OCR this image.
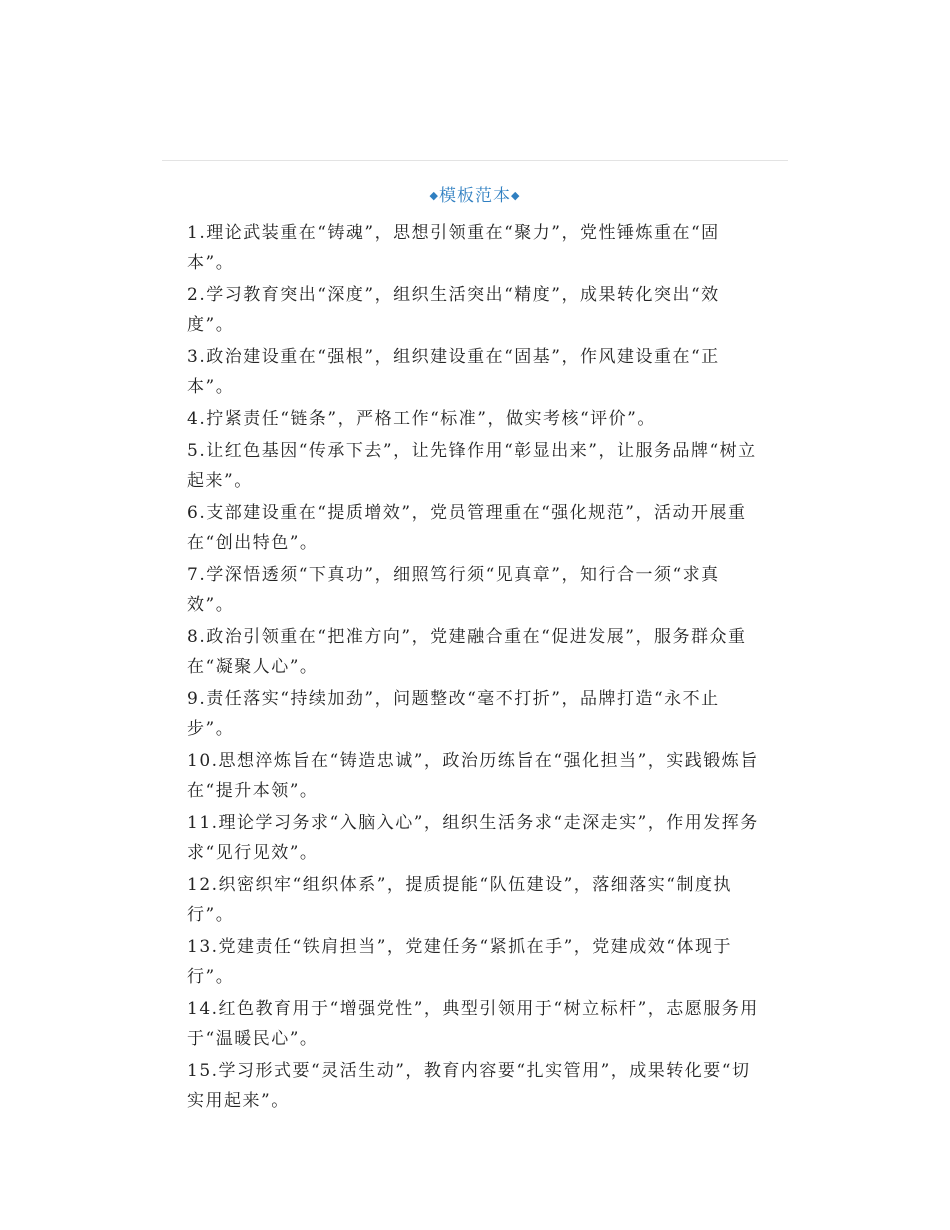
◆模板范本◆

1.理论武装重在“铸魂”，思想引领重在“聚力”，党性锤炼重在“固本”。

2.学习教育突出“深度”，组织生活突出“精度”，成果转化突出“效度”。

3.政治建设重在“强根”，组织建设重在“固基”，作风建设重在“正本”。

4.拧紧责任“链条”，严格工作“标准”，做实考核“评价”。

5.让红色基因“传承下去”，让先锋作用“彰显出来”，让服务品牌“树立起来”。

6.支部建设重在“提质增效”，党员管理重在“强化规范”，活动开展重在“创出特色”。

7.学深悟透须“下真功”，细照笃行须“见真章”，知行合一须“求真效”。

8.政治引领重在“把准方向”，党建融合重在“促进发展”，服务群众重在“凝聚人心”。

9.责任落实“持续加劲”，问题整改“毫不打折”，品牌打造“永不止步”。

10.思想淬炼旨在“铸造忠诚”，政治历练旨在“强化担当”，实践锻炼旨在“提升本领”。

11.理论学习务求“入脑入心”，组织生活务求“走深走实”，作用发挥务求“见行见效”。

12.织密织牢“组织体系”，提质提能“队伍建设”，落细落实“制度执行”。

13.党建责任“铁肩担当”，党建任务“紧抓在手”，党建成效“体现于行”。

14.红色教育用于“增强党性”，典型引领用于“树立标杆”，志愿服务用于“温暖民心”。

15.学习形式要“灵活生动”，教育内容要“扎实管用”，成果转化要“切实用起来”。
